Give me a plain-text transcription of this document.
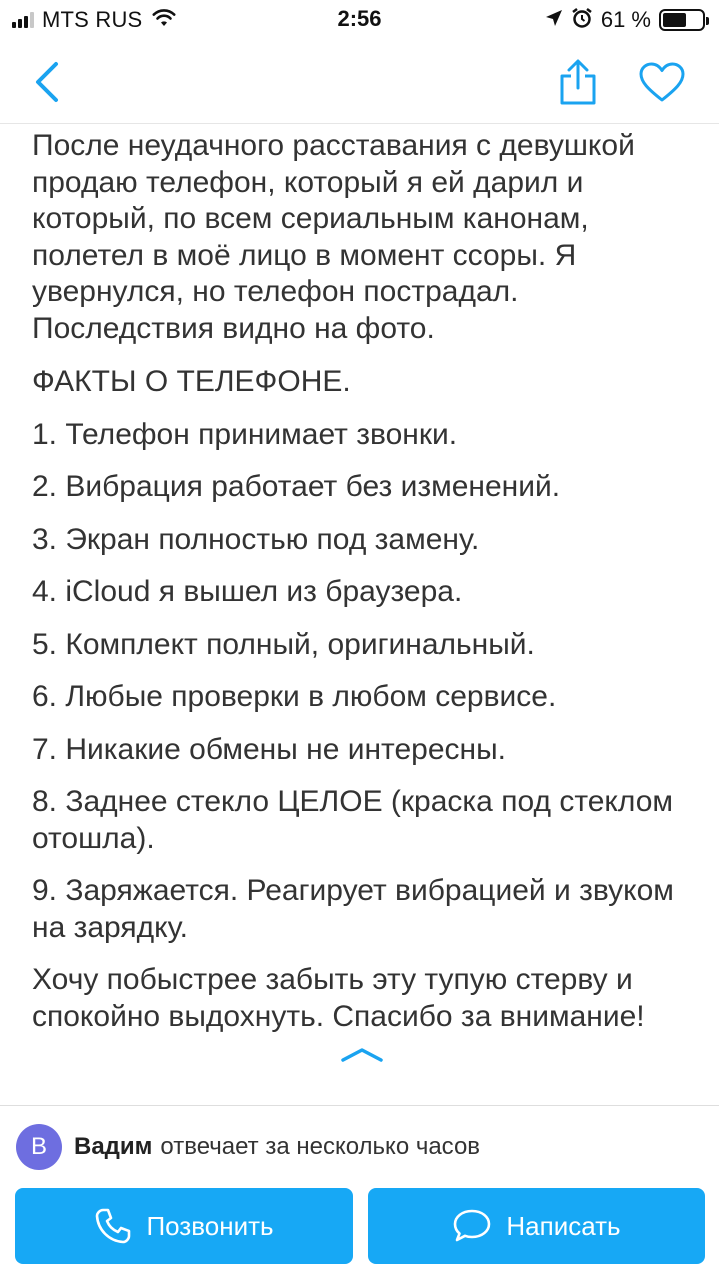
MTS RUS	2:56	61 %

После неудачного расставания с девушкой продаю телефон, который я ей дарил и который, по всем сериальным канонам, полетел в моё лицо в момент ссоры. Я увернулся, но телефон пострадал. Последствия видно на фото.

ФАКТЫ О ТЕЛЕФОНЕ.

1. Телефон принимает звонки.

2. Вибрация работает без изменений.

3. Экран полностью под замену.

4. iCloud я вышел из браузера.

5. Комплект полный, оригинальный.

6. Любые проверки в любом сервисе.

7. Никакие обмены не интересны.

8. Заднее стекло ЦЕЛОЕ (краска под стеклом отошла).

9. Заряжается. Реагирует вибрацией и звуком на зарядку.

Хочу побыстрее забыть эту тупую стерву и спокойно выдохнуть. Спасибо за внимание!

В	Вадим отвечает за несколько часов
Позвонить	Написать
